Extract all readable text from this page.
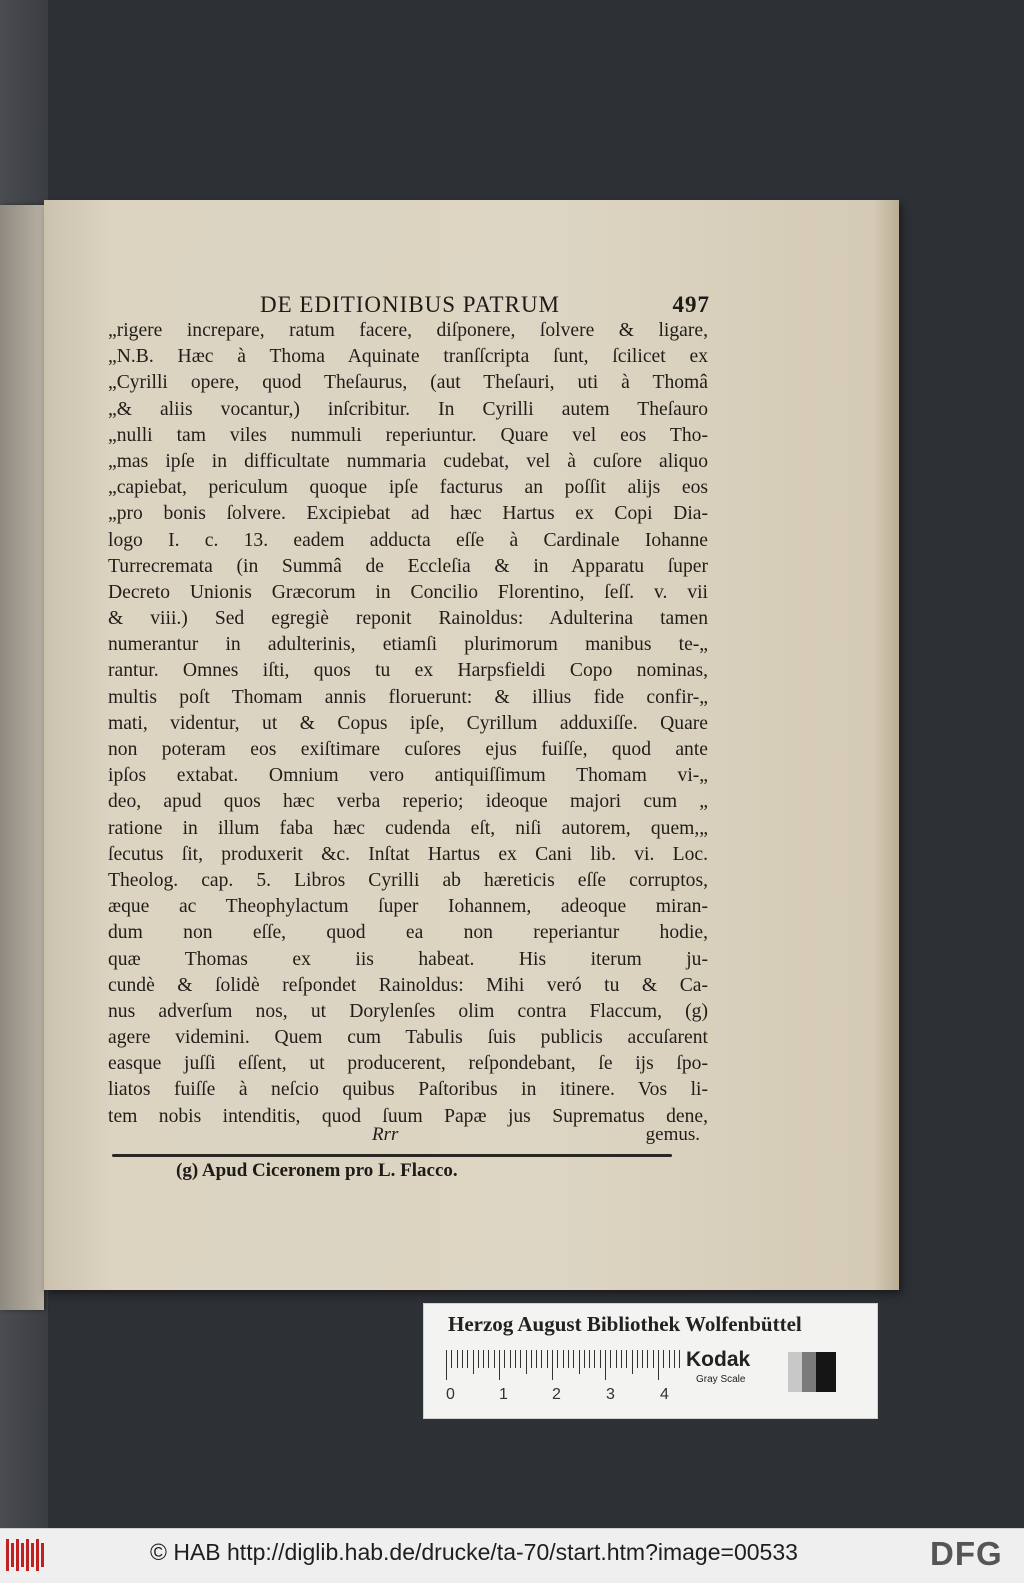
DE EDITIONIBUS PATRUM	497
„rigere increpare, ratum facere, diſponere, ſolvere & ligare,
„N.B. Hæc à Thoma Aquinate tranſſcripta ſunt, ſcilicet ex
„Cyrilli opere, quod Theſaurus, (aut Theſauri, uti à Thomâ
„& aliis vocantur,) inſcribitur. In Cyrilli autem Theſauro
„nulli tam viles nummuli reperiuntur. Quare vel eos Tho-
„mas ipſe in difficultate nummaria cudebat, vel à cuſore aliquo
„capiebat, periculum quoque ipſe facturus an poſſit alijs eos
„pro bonis ſolvere. Excipiebat ad hæc Hartus ex Copi Dia-
logo I. c. 13. eadem adducta eſſe à Cardinale Iohanne
Turrecremata (in Summâ de Eccleſia & in Apparatu ſuper
Decreto Unionis Græcorum in Concilio Florentino, ſeſſ. v. vii
& viii.) Sed egregiè reponit Rainoldus: Adulterina tamen
numerantur in adulterinis, etiamſi plurimorum manibus te-„
rantur. Omnes iſti, quos tu ex Harpsfieldi Copo nominas,
multis poſt Thomam annis floruerunt: & illius fide confir-„
mati, videntur, ut & Copus ipſe, Cyrillum adduxiſſe. Quare
non poteram eos exiſtimare cuſores ejus fuiſſe, quod ante
ipſos extabat. Omnium vero antiquiſſimum Thomam vi-„
deo, apud quos hæc verba reperio; ideoque majori cum „
ratione in illum faba hæc cudenda eſt, niſi autorem, quem,„
ſecutus ſit, produxerit &c. Inſtat Hartus ex Cani lib. vi. Loc.
Theolog. cap. 5. Libros Cyrilli ab hæreticis eſſe corruptos,
æque ac Theophylactum ſuper Iohannem, adeoque miran-
dum non eſſe, quod ea non reperiantur hodie,
quæ Thomas ex iis habeat. His iterum ju-
cundè & ſolidè reſpondet Rainoldus: Mihi veró tu & Ca-
nus adverſum nos, ut Dorylenſes olim contra Flaccum, (g)
agere videmini. Quem cum Tabulis ſuis publicis accuſarent
easque juſſi eſſent, ut producerent, reſpondebant, ſe ijs ſpo-
liatos fuiſſe à neſcio quibus Paſtoribus in itinere. Vos li-
tem nobis intenditis, quod ſuum Papæ jus Suprematus dene,
Rrr	gemus.
(g) Apud Ciceronem pro L. Flacco.
Herzog August Bibliothek Wolfenbüttel
0	1	2	3	4
Kodak
Gray Scale
© HAB http://diglib.hab.de/drucke/ta-70/start.htm?image=00533	DFG
